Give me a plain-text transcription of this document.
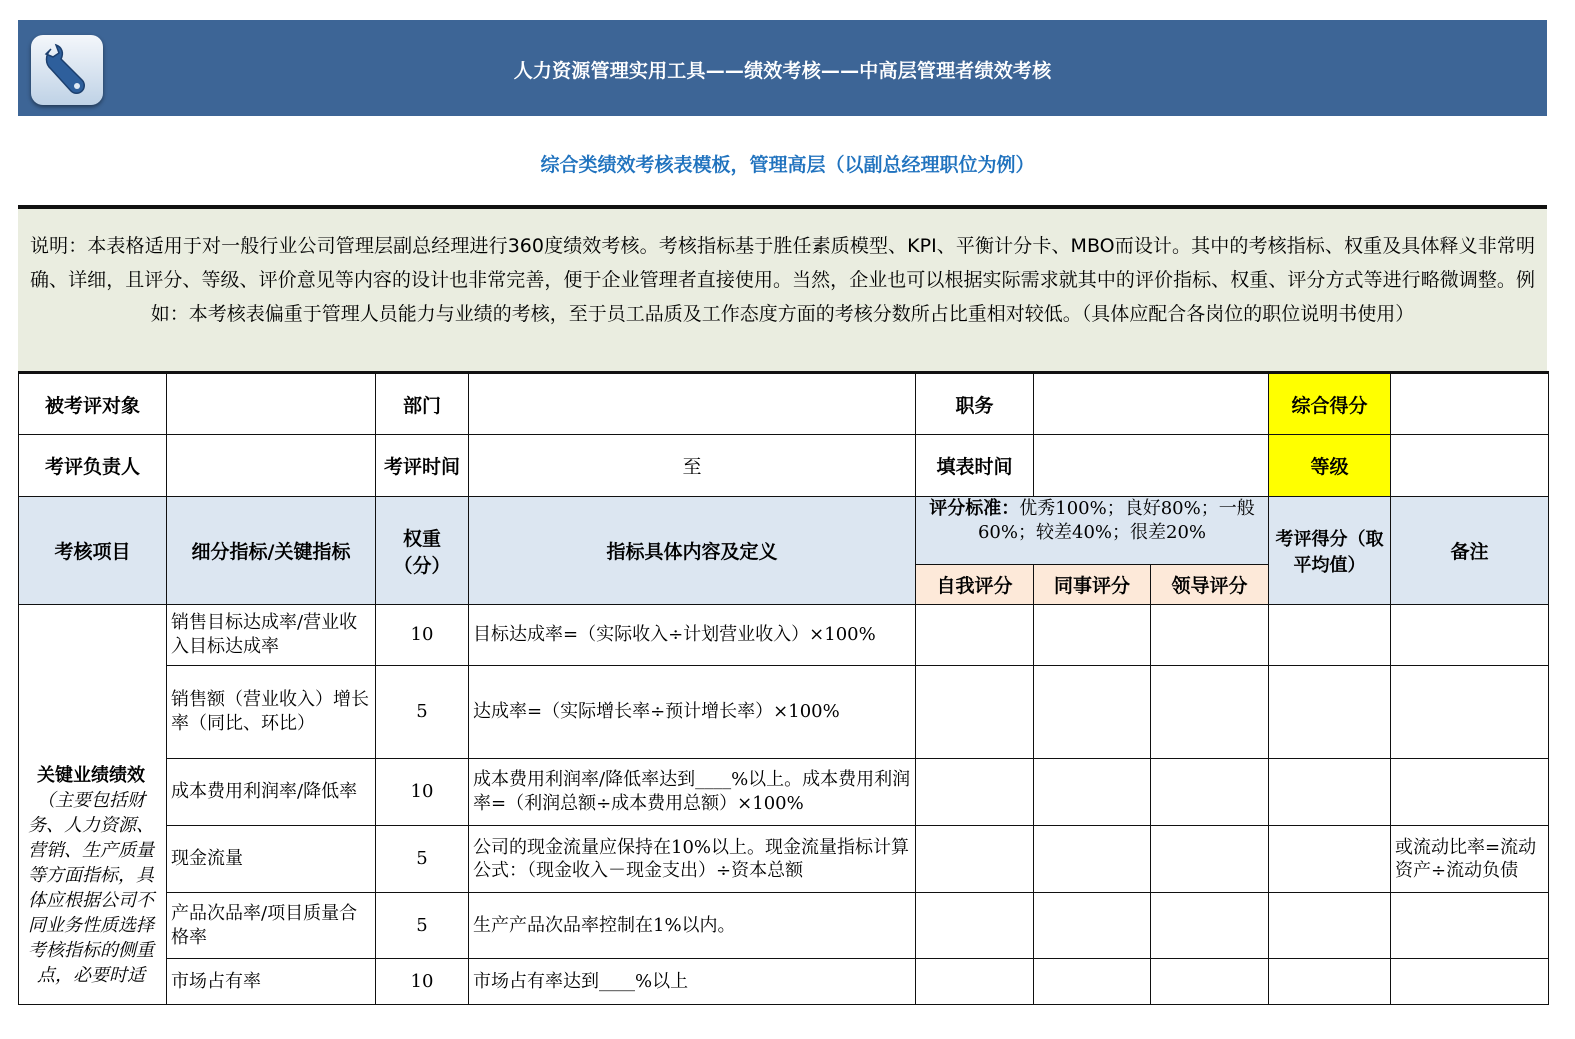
人力资源管理实用工具——绩效考核——中高层管理者绩效考核
综合类绩效考核表模板，管理高层（以副总经理职位为例）
说明：本表格适用于对一般行业公司管理层副总经理进行360度绩效考核。考核指标基于胜任素质模型、KPI、平衡计分卡、MBO而设计。其中的考核指标、权重及具体释义非常明确、详细，且评分、等级、评价意见等内容的设计也非常完善，便于企业管理者直接使用。当然，企业也可以根据实际需求就其中的评价指标、权重、评分方式等进行略微调整。例如：本考核表偏重于管理人员能力与业绩的考核，至于员工品质及工作态度方面的考核分数所占比重相对较低。（具体应配合各岗位的职位说明书使用）
被考评对象		部门		职务			综合得分	
考评负责人		考评时间	至	填表时间			等级	
考核项目	细分指标/关键指标	权重（分）	指标具体内容及定义	评分标准：优秀100%；良好80%；一般60%；较差40%；很差20%			考评得分（取平均值）	备注
				自我评分	同事评分	领导评分		

关键业绩绩效（主要包括财务、人力资源、营销、生产质量等方面指标，具体应根据公司不同业务性质选择考核指标的侧重点，必要时适	销售目标达成率/营业收入目标达成率	10	目标达成率=（实际收入÷计划营业收入）×100%					
	销售额（营业收入）增长率（同比、环比）	5	达成率=（实际增长率÷预计增长率）×100%					
	成本费用利润率/降低率	10	成本费用利润率/降低率达到____%以上。成本费用利润率=（利润总额÷成本费用总额）×100%					
	现金流量	5	公司的现金流量应保持在10%以上。现金流量指标计算公式：（现金收入－现金支出）÷资本总额					或流动比率=流动资产÷流动负债
	产品次品率/项目质量合格率	5	生产产品次品率控制在1%以内。					
	市场占有率	10	市场占有率达到____%以上					
